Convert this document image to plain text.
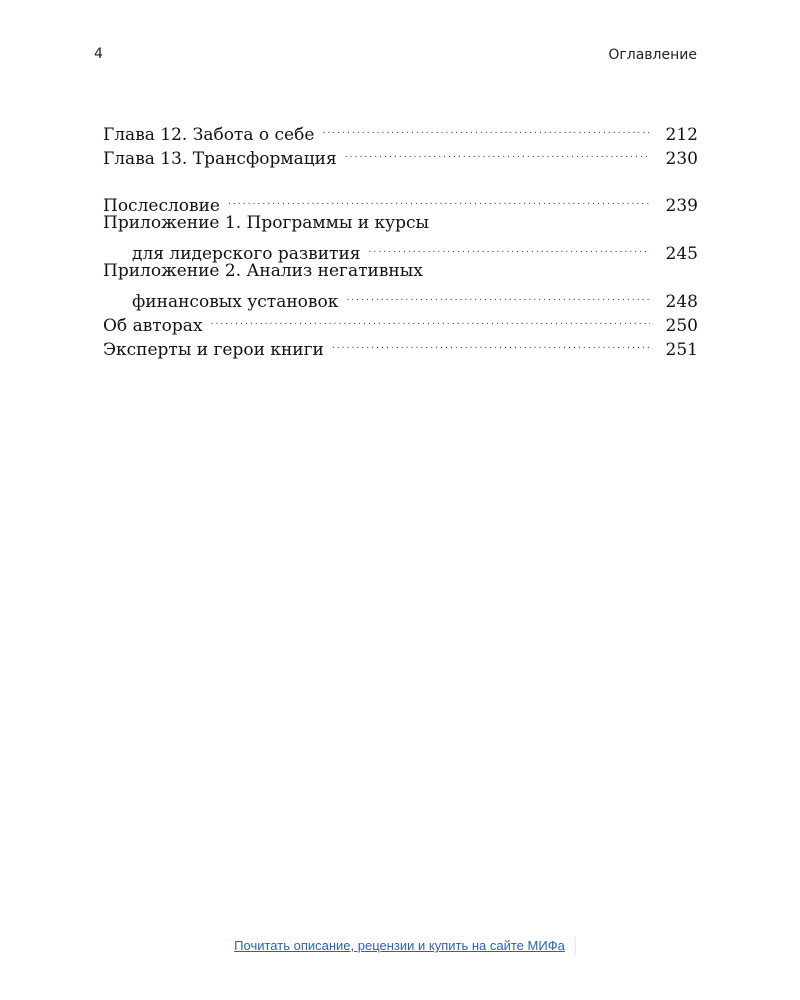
4	Оглавление
Глава 12. Забота о себе . . .	212
Глава 13. Трансформация . . .	230
Послесловие . . .	239
Приложение 1. Программы и курсы
для лидерского развития . . .	245
Приложение 2. Анализ негативных
финансовых установок . . .	248
Об авторах . . .	250
Эксперты и герои книги . . .	251
Почитать описание, рецензии и купить на сайте МИФа
